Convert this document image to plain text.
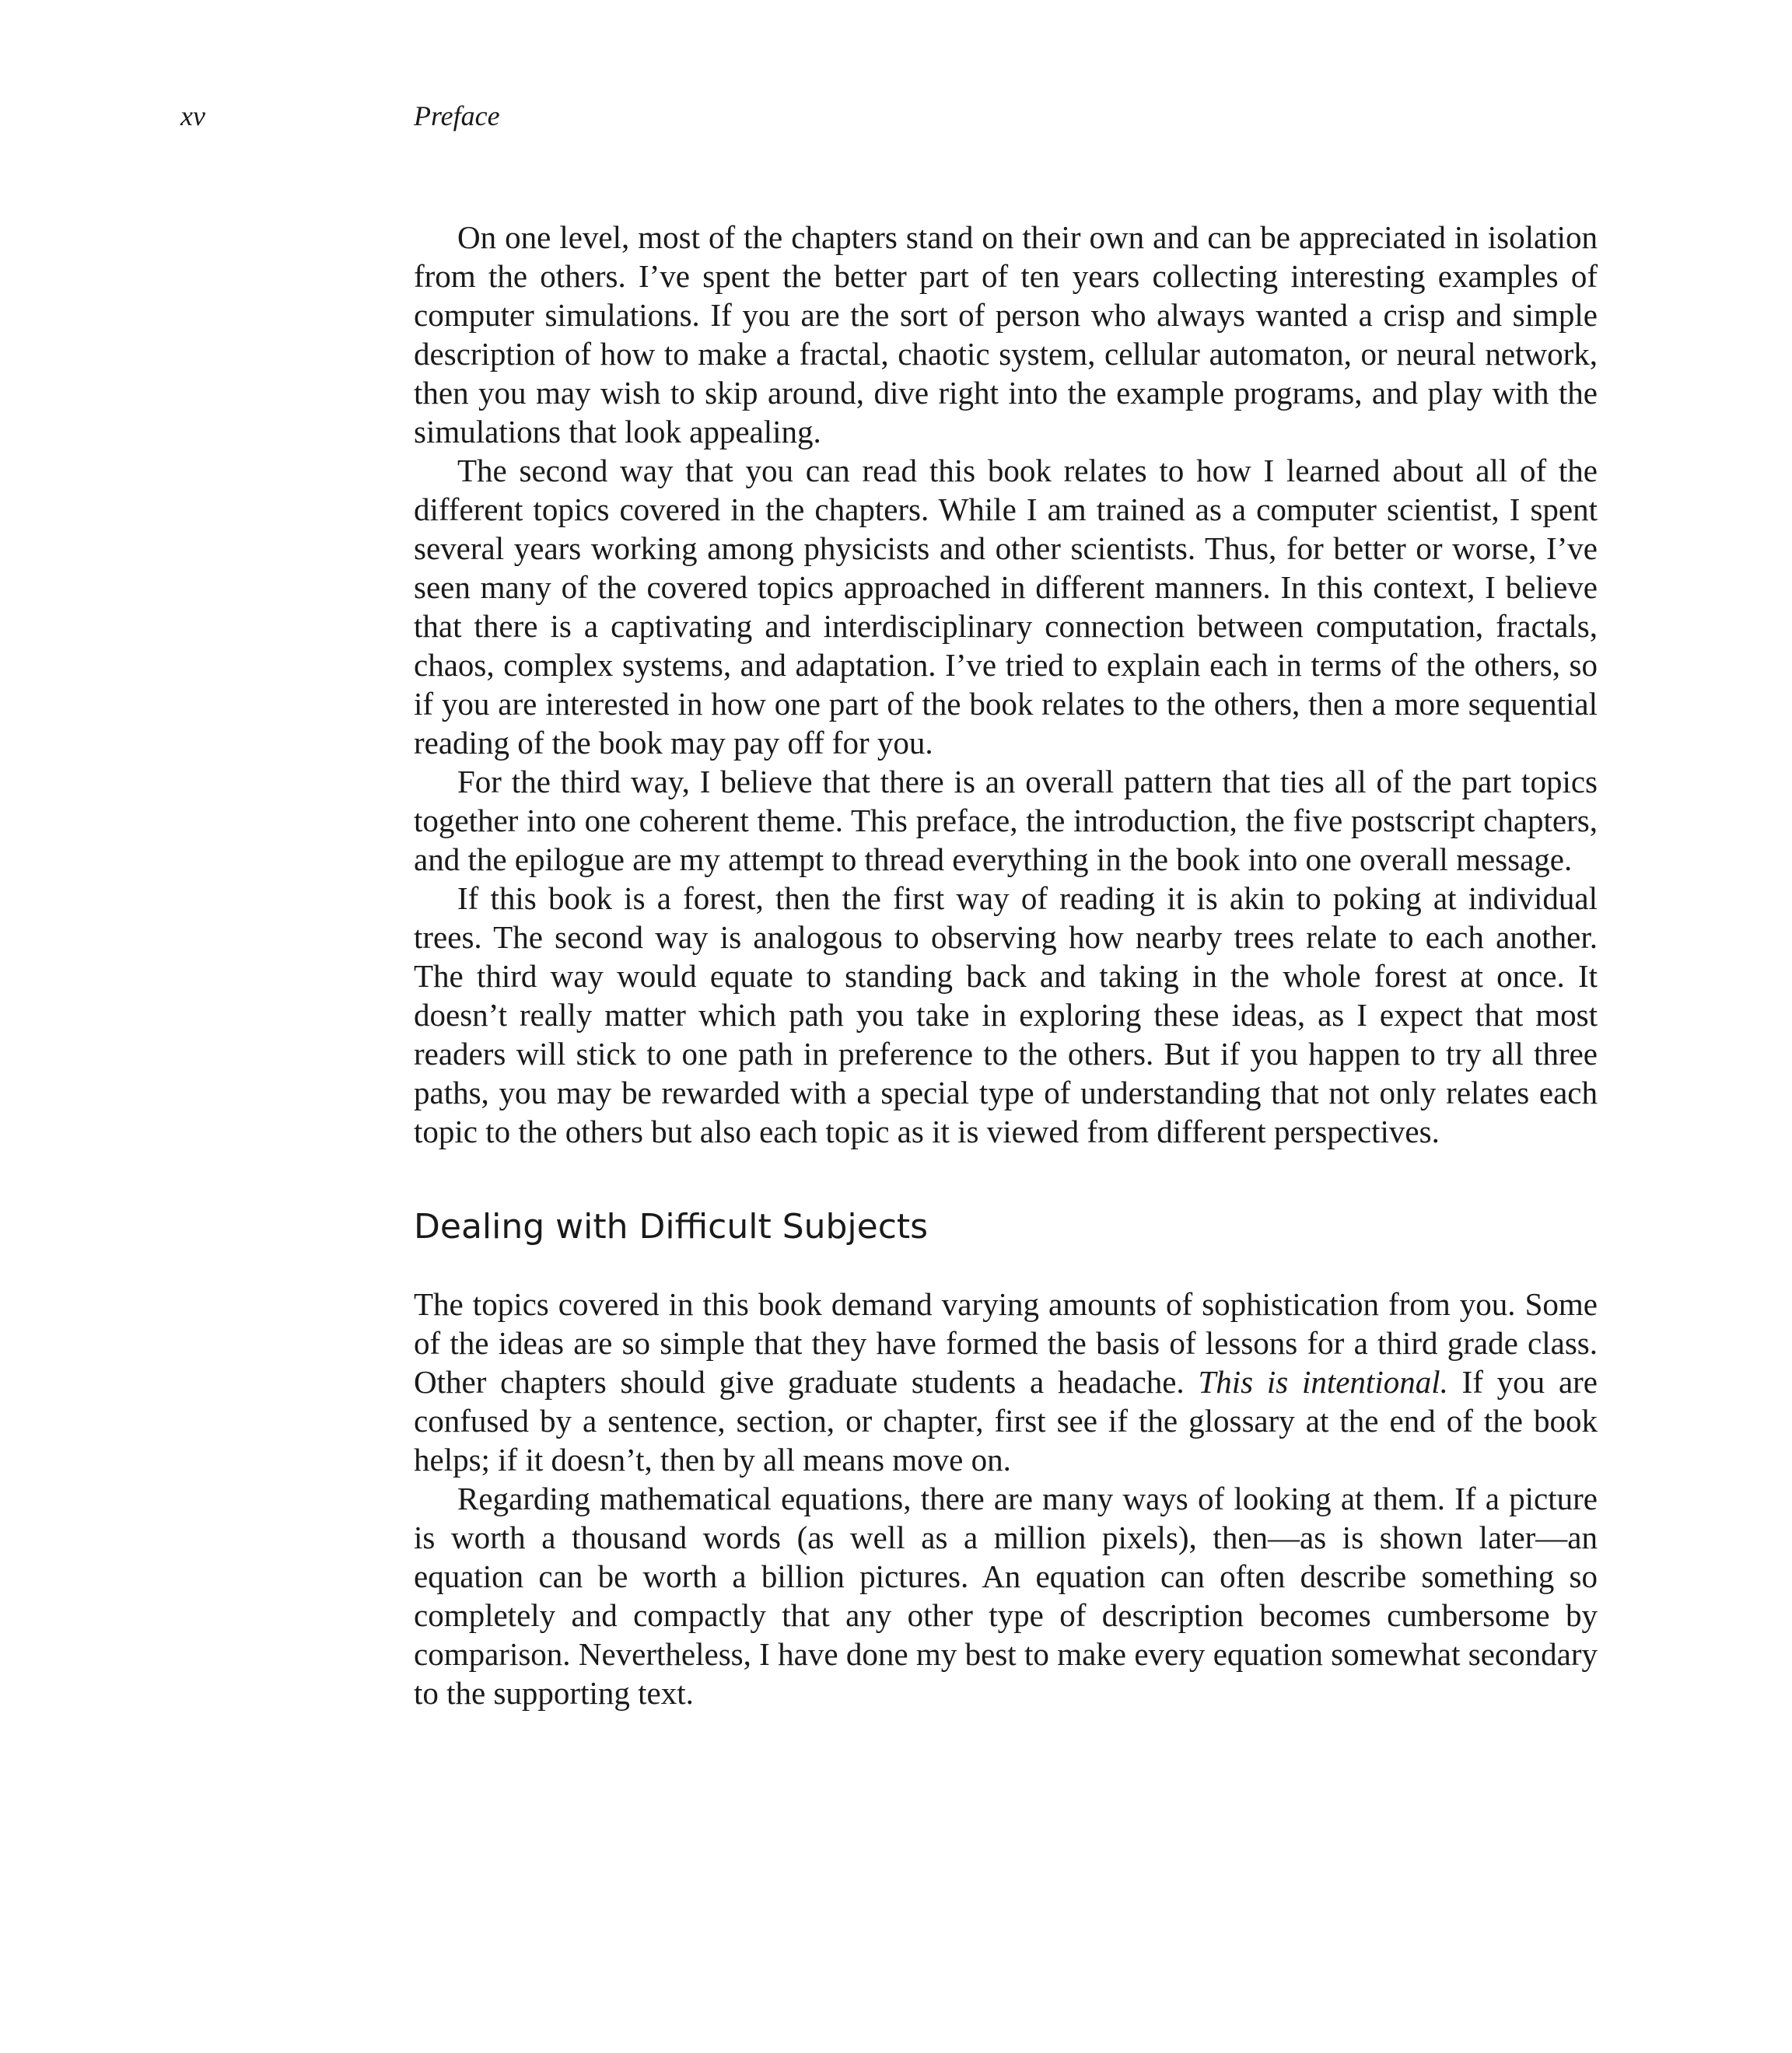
xv	Preface

On one level, most of the chapters stand on their own and can be appreciated in isolation from the others. I’ve spent the better part of ten years collecting interesting examples of computer simulations. If you are the sort of person who always wanted a crisp and simple description of how to make a fractal, chaotic system, cellular automaton, or neural network, then you may wish to skip around, dive right into the example programs, and play with the simulations that look appealing.

The second way that you can read this book relates to how I learned about all of the different topics covered in the chapters. While I am trained as a computer scientist, I spent several years working among physicists and other scientists. Thus, for better or worse, I’ve seen many of the covered topics approached in different manners. In this context, I believe that there is a captivating and interdisciplinary connection between computation, fractals, chaos, complex systems, and adaptation. I’ve tried to explain each in terms of the others, so if you are interested in how one part of the book relates to the others, then a more sequential reading of the book may pay off for you.

For the third way, I believe that there is an overall pattern that ties all of the part topics together into one coherent theme. This preface, the introduction, the five postscript chapters, and the epilogue are my attempt to thread everything in the book into one overall message.

If this book is a forest, then the first way of reading it is akin to poking at individual trees. The second way is analogous to observing how nearby trees relate to each another. The third way would equate to standing back and taking in the whole forest at once. It doesn’t really matter which path you take in exploring these ideas, as I expect that most readers will stick to one path in preference to the others. But if you happen to try all three paths, you may be rewarded with a special type of understanding that not only relates each topic to the others but also each topic as it is viewed from different perspectives.

Dealing with Difficult Subjects

The topics covered in this book demand varying amounts of sophistication from you. Some of the ideas are so simple that they have formed the basis of lessons for a third grade class. Other chapters should give graduate students a headache. This is intentional. If you are confused by a sentence, section, or chapter, first see if the glossary at the end of the book helps; if it doesn’t, then by all means move on.

Regarding mathematical equations, there are many ways of looking at them. If a picture is worth a thousand words (as well as a million pixels), then—as is shown later—an equation can be worth a billion pictures. An equation can often describe something so completely and compactly that any other type of description becomes cumbersome by comparison. Nevertheless, I have done my best to make every equation somewhat secondary to the supporting text.
